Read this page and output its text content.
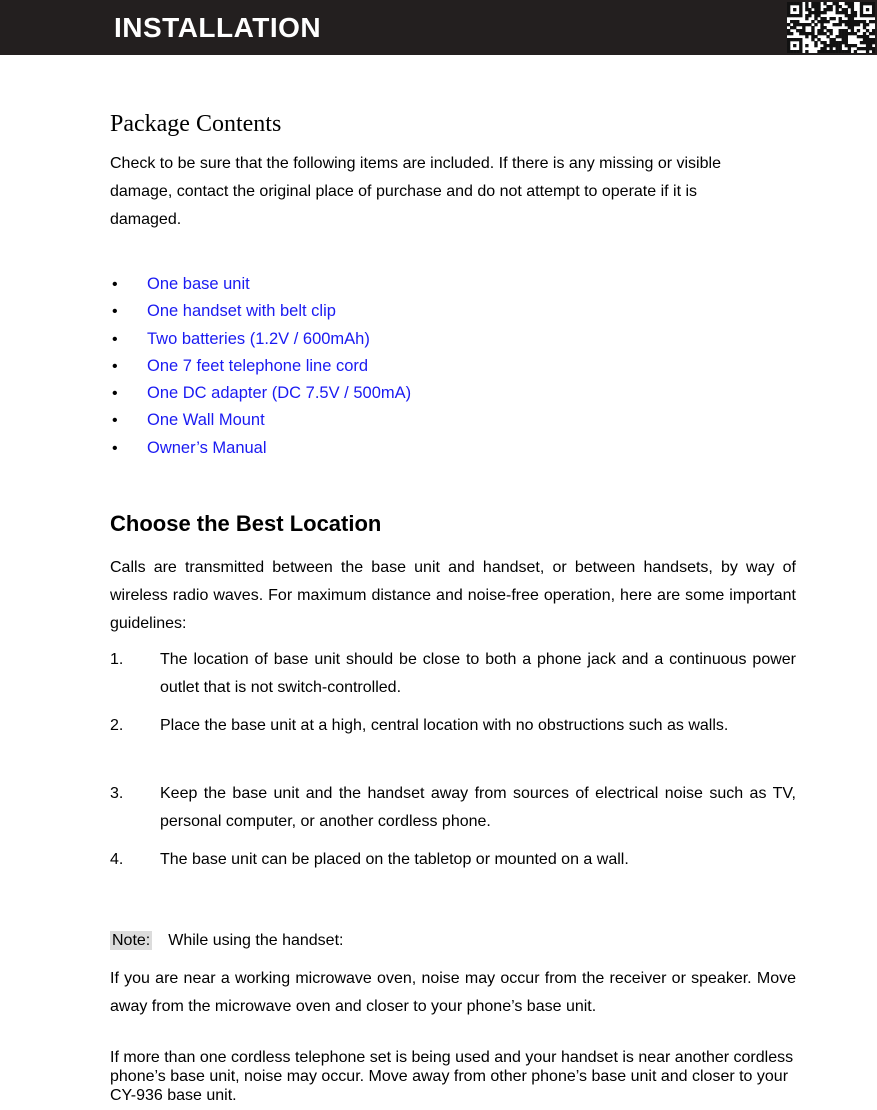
INSTALLATION
Package Contents
Check to be sure that the following items are included. If there is any missing or visible damage, contact the original place of purchase and do not attempt to operate if it is damaged.
• One base unit
• One handset with belt clip
• Two batteries (1.2V / 600mAh)
• One 7 feet telephone line cord
• One DC adapter (DC 7.5V / 500mA)
• One Wall Mount
• Owner’s Manual
Choose the Best Location
Calls are transmitted between the base unit and handset, or between handsets, by way of wireless radio waves. For maximum distance and noise-free operation, here are some important guidelines:
1. The location of base unit should be close to both a phone jack and a continuous power outlet that is not switch-controlled.
2. Place the base unit at a high, central location with no obstructions such as walls.
3. Keep the base unit and the handset away from sources of electrical noise such as TV, personal computer, or another cordless phone.
4. The base unit can be placed on the tabletop or mounted on a wall.
Note: While using the handset:
If you are near a working microwave oven, noise may occur from the receiver or speaker. Move away from the microwave oven and closer to your phone’s base unit.
If more than one cordless telephone set is being used and your handset is near another cordless phone’s base unit, noise may occur. Move away from other phone’s base unit and closer to your CY-936 base unit.
